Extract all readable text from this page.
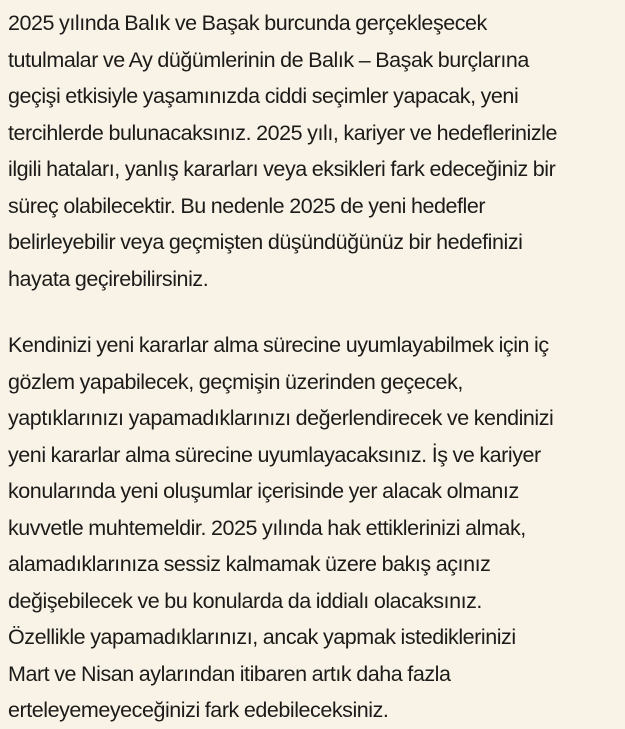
2025 yılında Balık ve Başak burcunda gerçekleşecek
tutulmalar ve Ay düğümlerinin de Balık – Başak burçlarına
geçişi etkisiyle yaşamınızda ciddi seçimler yapacak, yeni
tercihlerde bulunacaksınız. 2025 yılı, kariyer ve hedeflerinizle
ilgili hataları, yanlış kararları veya eksikleri fark edeceğiniz bir
süreç olabilecektir. Bu nedenle 2025 de yeni hedefler
belirleyebilir veya geçmişten düşündüğünüz bir hedefinizi
hayata geçirebilirsiniz.

Kendinizi yeni kararlar alma sürecine uyumlayabilmek için iç
gözlem yapabilecek, geçmişin üzerinden geçecek,
yaptıklarınızı yapamadıklarınızı değerlendirecek ve kendinizi
yeni kararlar alma sürecine uyumlayacaksınız. İş ve kariyer
konularında yeni oluşumlar içerisinde yer alacak olmanız
kuvvetle muhtemeldir. 2025 yılında hak ettiklerinizi almak,
alamadıklarınıza sessiz kalmamak üzere bakış açınız
değişebilecek ve bu konularda da iddialı olacaksınız.
Özellikle yapamadıklarınızı, ancak yapmak istediklerinizi
Mart ve Nisan aylarından itibaren artık daha fazla
erteleyemeyeceğinizi fark edebileceksiniz.
